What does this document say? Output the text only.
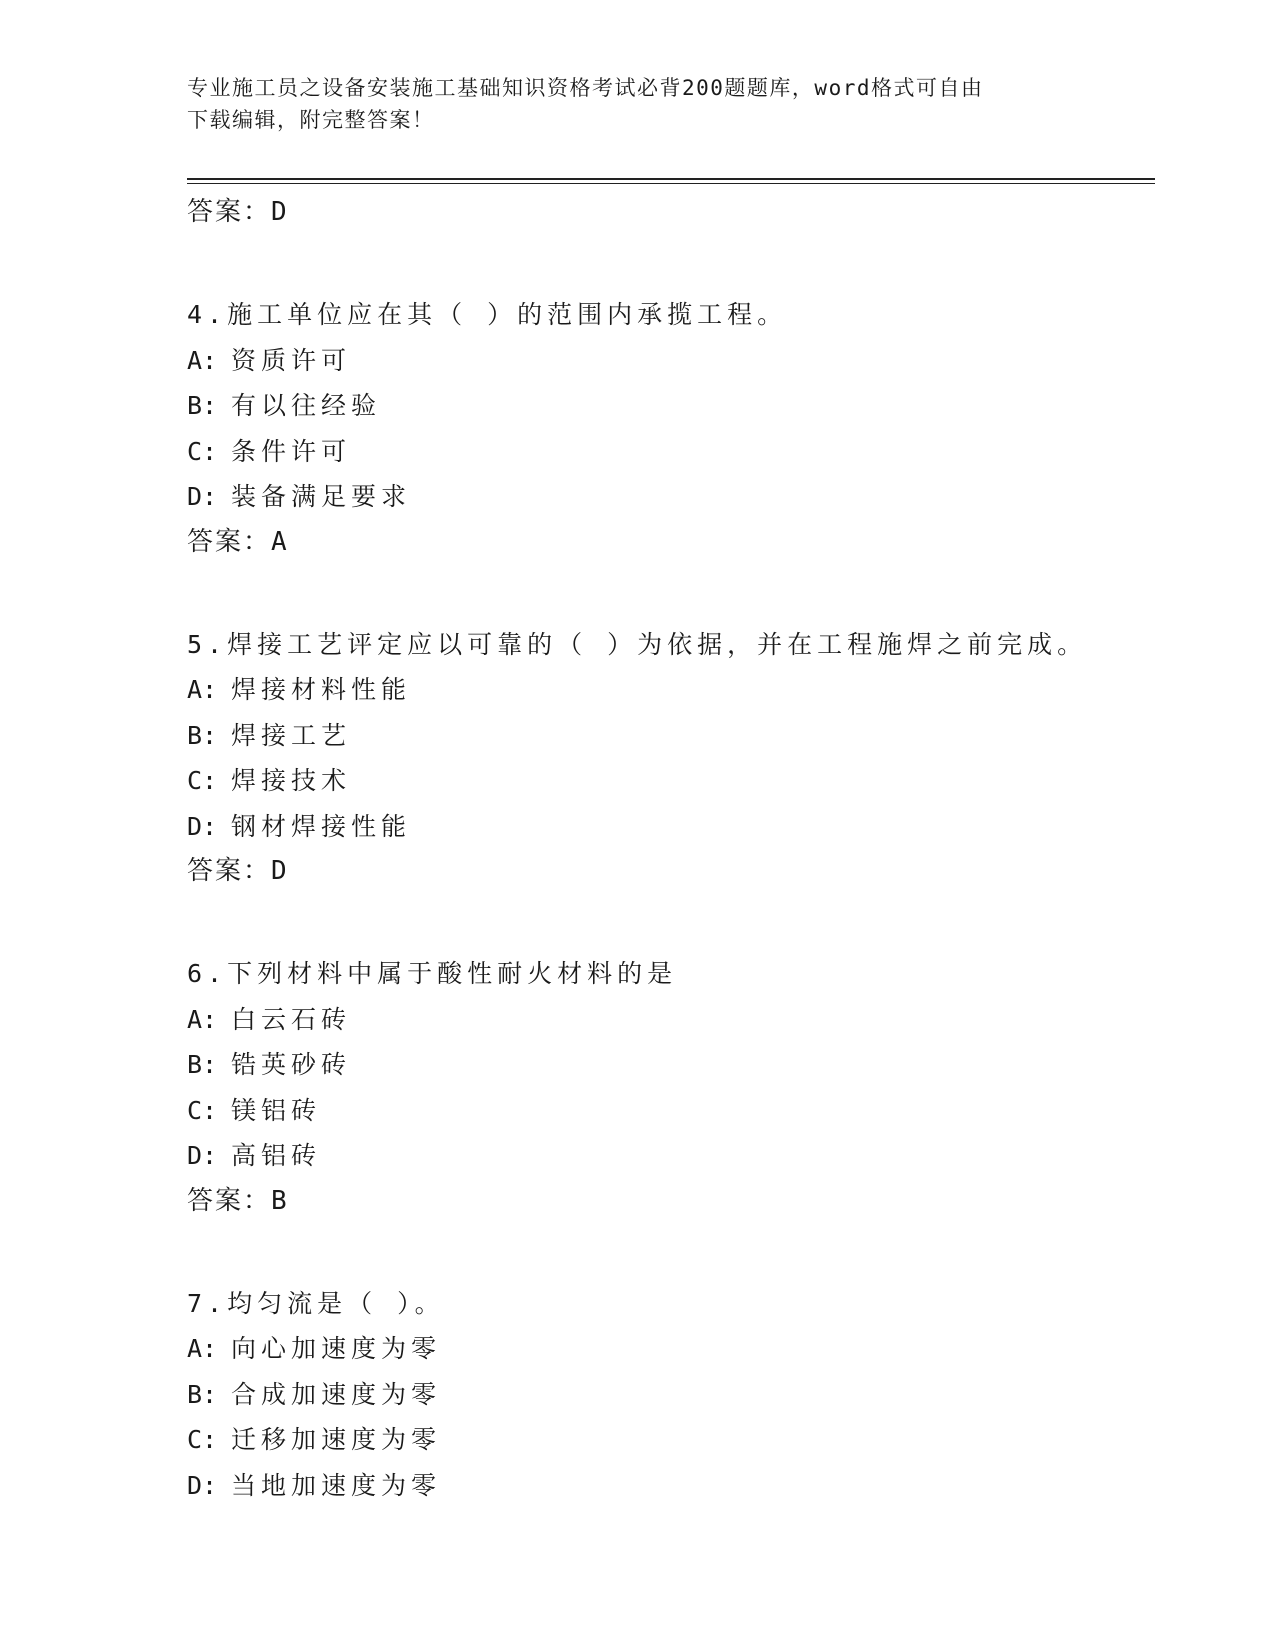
专业施工员之设备安装施工基础知识资格考试必背200题题库，word格式可自由
下载编辑，附完整答案！
答案：D
4.施工单位应在其（ ）的范围内承揽工程。
A: 资质许可
B: 有以往经验
C: 条件许可
D: 装备满足要求
答案：A
5.焊接工艺评定应以可靠的（ ）为依据，并在工程施焊之前完成。
A: 焊接材料性能
B: 焊接工艺
C: 焊接技术
D: 钢材焊接性能
答案：D
6.下列材料中属于酸性耐火材料的是
A: 白云石砖
B: 锆英砂砖
C: 镁铝砖
D: 高铝砖
答案：B
7.均匀流是（ ）。
A: 向心加速度为零
B: 合成加速度为零
C: 迁移加速度为零
D: 当地加速度为零
